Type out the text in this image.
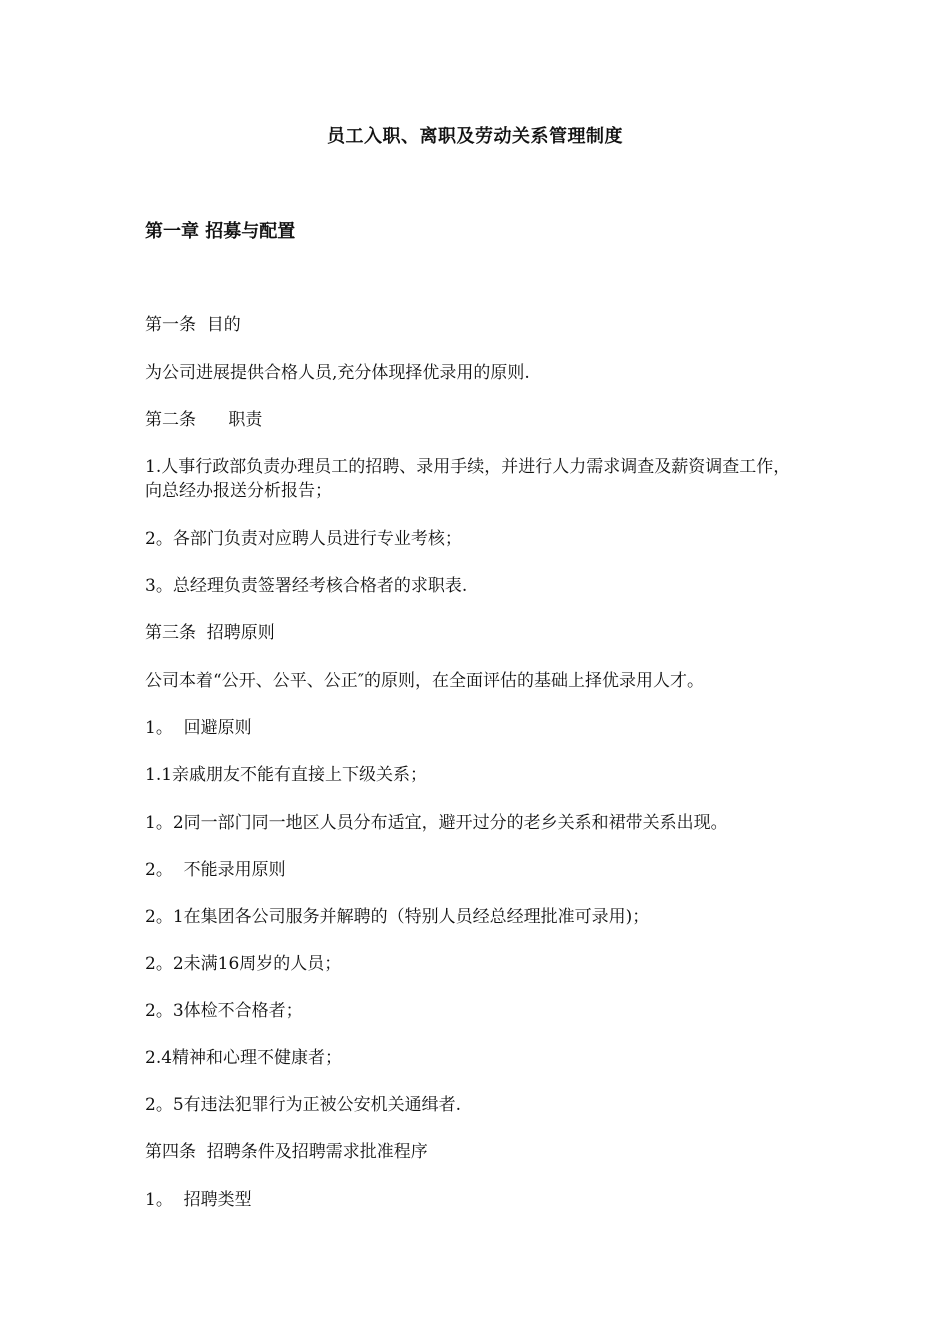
员工入职、离职及劳动关系管理制度
第一章 招募与配置
第一条  目的
为公司进展提供合格人员,充分体现择优录用的原则.
第二条      职责
1.人事行政部负责办理员工的招聘、录用手续，并进行人力需求调查及薪资调查工作，向总经办报送分析报告；
2。各部门负责对应聘人员进行专业考核；
3。总经理负责签署经考核合格者的求职表.
第三条  招聘原则
公司本着“公开、公平、公正″的原则，在全面评估的基础上择优录用人才。
1。  回避原则
1.1亲戚朋友不能有直接上下级关系；
1。2同一部门同一地区人员分布适宜，避开过分的老乡关系和裙带关系出现。
2。  不能录用原则
2。1在集团各公司服务并解聘的（特别人员经总经理批准可录用)；
2。2未满16周岁的人员；
2。3体检不合格者；
2.4精神和心理不健康者；
2。5有违法犯罪行为正被公安机关通缉者.
第四条  招聘条件及招聘需求批准程序
1。  招聘类型
